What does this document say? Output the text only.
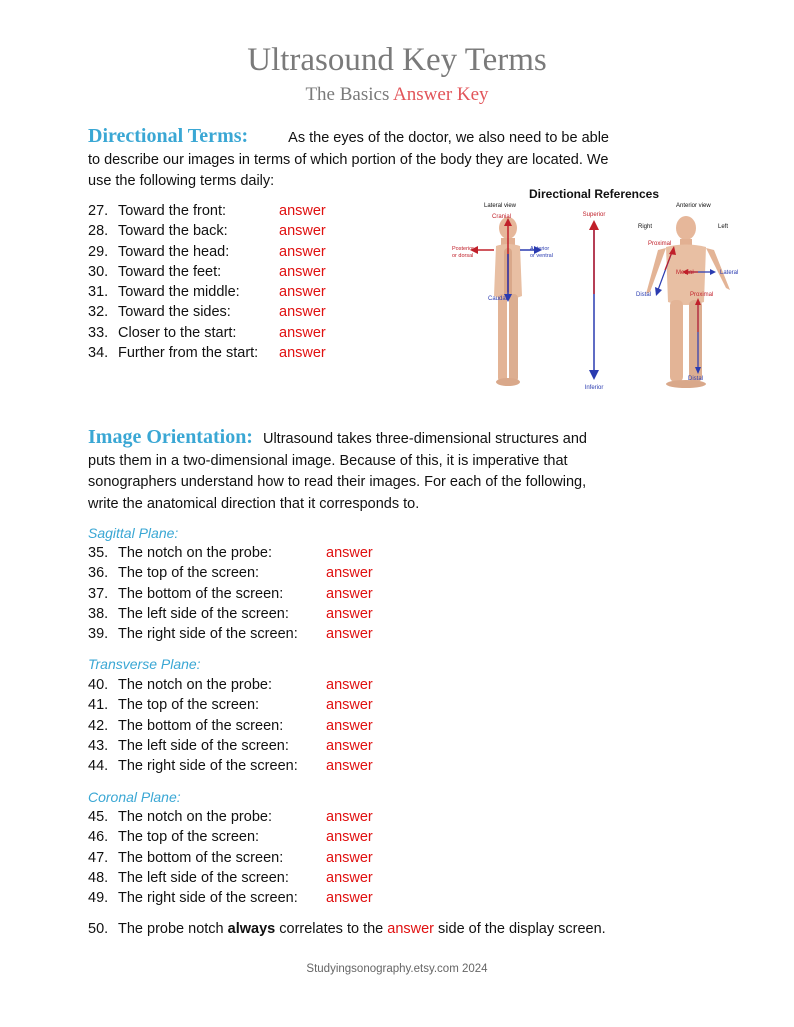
Ultrasound Key Terms
The Basics Answer Key

Directional Terms:	As the eyes of the doctor, we also need to be able

to describe our images in terms of which portion of the body they are located. We

use the following terms daily:

27. Toward the front:	answer
28. Toward the back:	answer
29. Toward the head:	answer
30. Toward the feet:	answer
31. Toward the middle:	answer
32. Toward the sides:	answer
33. Closer to the start:	answer
34. Further from the start: answer
Directional References
Lateral view	Anterior view
Cranial
Posterior
or dorsal
Anterior
or ventral
Caudal
Superior
Inferior
Right	Left
Proximal
Distal
Medial	Lateral
Proximal
Distal

Image Orientation: Ultrasound takes three-dimensional structures and

puts them in a two-dimensional image. Because of this, it is imperative that

sonographers understand how to read their images. For each of the following,

write the anatomical direction that it corresponds to.

Sagittal Plane:
35. The notch on the probe:	answer
36. The top of the screen:	answer
37. The bottom of the screen:	answer
38. The left side of the screen:	answer
39. The right side of the screen: answer
Transverse Plane:
40. The notch on the probe:	answer
41. The top of the screen:	answer
42. The bottom of the screen:	answer
43. The left side of the screen:	answer
44. The right side of the screen: answer
Coronal Plane:
45. The notch on the probe:	answer
46. The top of the screen:	answer
47. The bottom of the screen:	answer
48. The left side of the screen:	answer
49. The right side of the screen: answer
50. The probe notch always correlates to the answer side of the display screen.
Studyingsonography.etsy.com 2024
